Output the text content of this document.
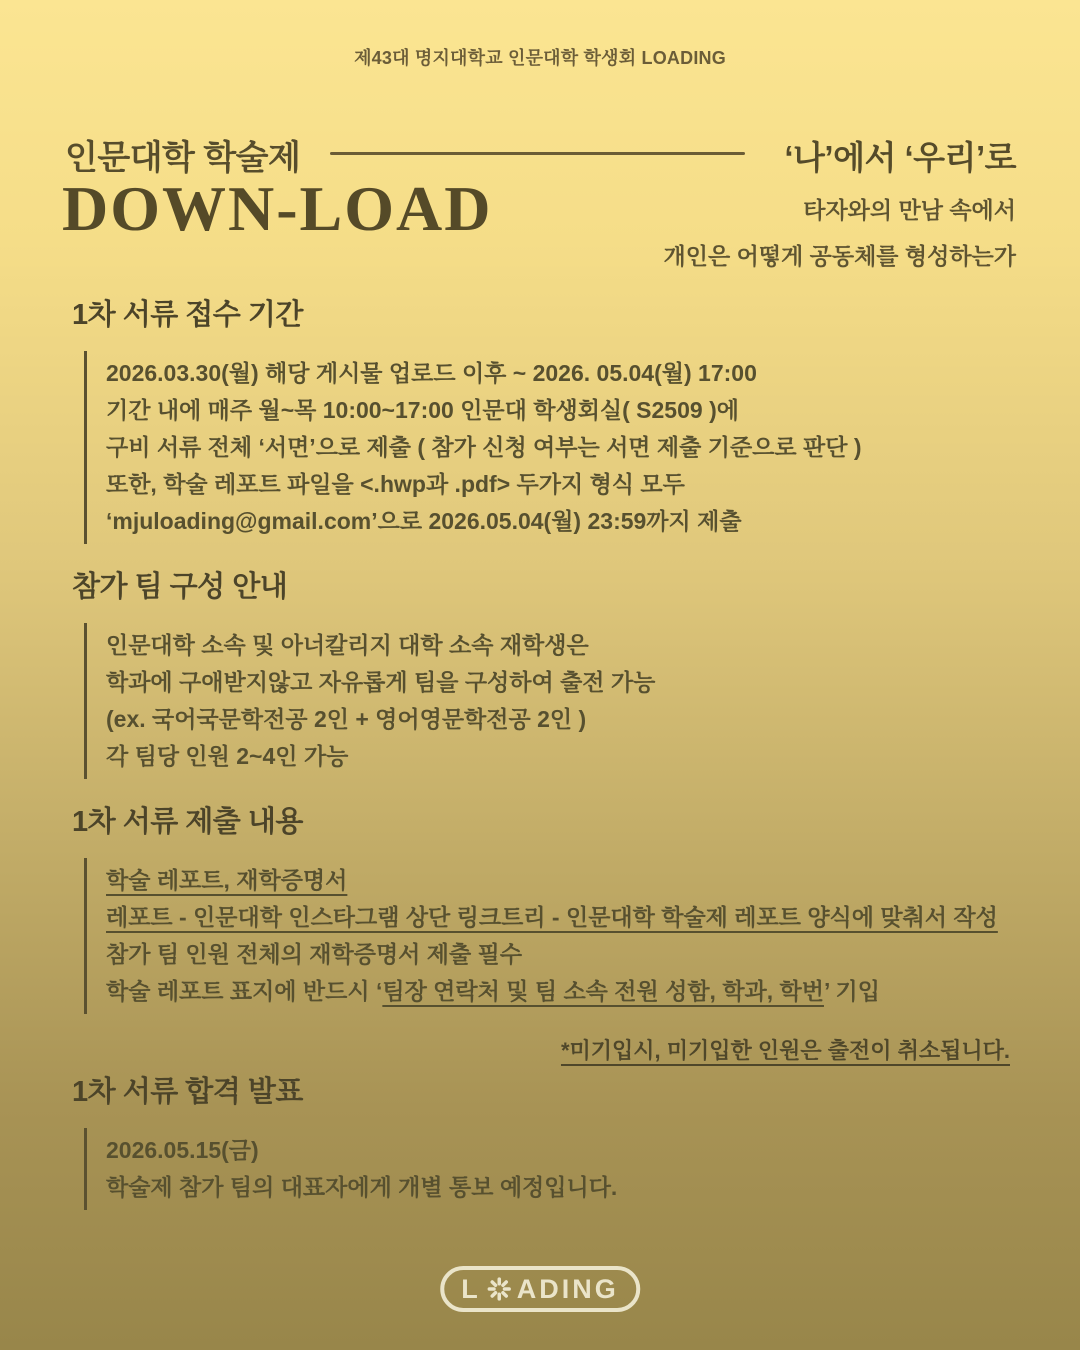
제43대 명지대학교 인문대학 학생회 LOADING
인문대학 학술제
DOWN-LOAD
‘나’에서 ‘우리’로
타자와의 만남 속에서
개인은 어떻게 공동체를 형성하는가
1차 서류 접수 기간
2026.03.30(월) 해당 게시물 업로드 이후 ~ 2026. 05.04(월) 17:00
기간 내에 매주 월~목 10:00~17:00 인문대 학생회실( S2509 )에
구비 서류 전체 ‘서면’으로 제출 ( 참가 신청 여부는 서면 제출 기준으로 판단 )
또한, 학술 레포트 파일을 <.hwp과 .pdf> 두가지 형식 모두
‘mjuloading@gmail.com’으로 2026.05.04(월) 23:59까지 제출
참가 팀 구성 안내
인문대학 소속 및 아너칼리지 대학 소속 재학생은
학과에 구애받지않고 자유롭게 팀을 구성하여 출전 가능
(ex. 국어국문학전공 2인 + 영어영문학전공 2인 )
각 팀당 인원 2~4인 가능
1차 서류 제출 내용
학술 레포트, 재학증명서
레포트 - 인문대학 인스타그램 상단 링크트리 - 인문대학 학술제 레포트 양식에 맞춰서 작성
참가 팀 인원 전체의 재학증명서 제출 필수
학술 레포트 표지에 반드시 ‘팀장 연락처 및 팀 소속 전원 성함, 학과, 학번’ 기입
*미기입시, 미기입한 인원은 출전이 취소됩니다.
1차 서류 합격 발표
2026.05.15(금)
학술제 참가 팀의 대표자에게 개별 통보 예정입니다.
L ADING
